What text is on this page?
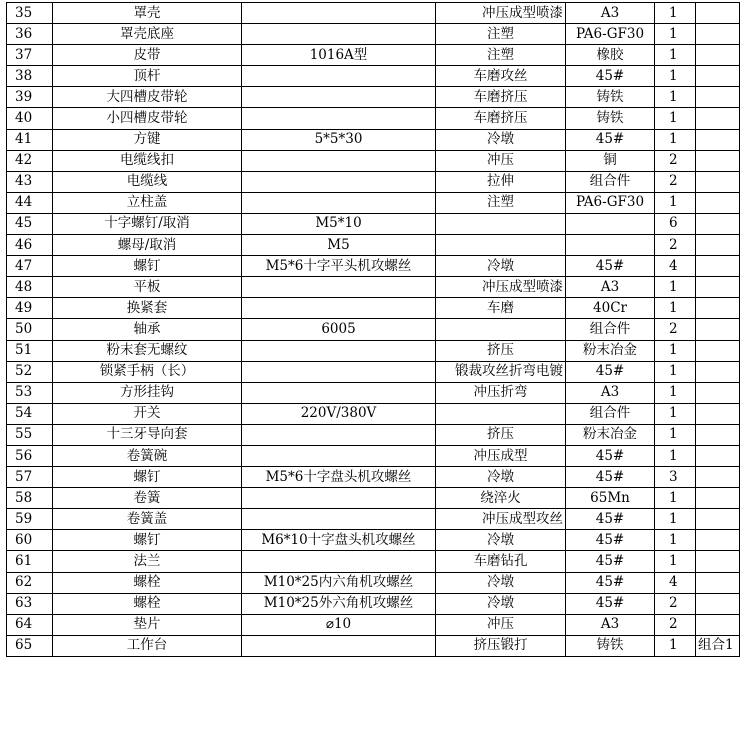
35	罩壳		冲压成型喷漆	A3	1	
36	罩壳底座		注塑	PA6-GF30	1	
37	皮带	1016A型	注塑	橡胶	1	
38	顶杆		车磨攻丝	45#	1	
39	大四槽皮带轮		车磨挤压	铸铁	1	
40	小四槽皮带轮		车磨挤压	铸铁	1	
41	方键	5*5*30	冷墩	45#	1	
42	电缆线扣		冲压	铜	2	
43	电缆线		拉伸	组合件	2	
44	立柱盖		注塑	PA6-GF30	1	
45	十字螺钉/取消	M5*10			6	
46	螺母/取消	M5			2	
47	螺钉	M5*6十字平头机攻螺丝	冷墩	45#	4	
48	平板		冲压成型喷漆	A3	1	
49	换紧套		车磨	40Cr	1	
50	轴承	6005		组合件	2	
51	粉末套无螺纹		挤压	粉末冶金	1	
52	锁紧手柄（长）		锻裁攻丝折弯电镀	45#	1	
53	方形挂钩		冲压折弯	A3	1	
54	开关	220V/380V		组合件	1	
55	十三牙导向套		挤压	粉末冶金	1	
56	卷簧碗		冲压成型	45#	1	
57	螺钉	M5*6十字盘头机攻螺丝	冷墩	45#	3	
58	卷簧		绕淬火	65Mn	1	
59	卷簧盖		冲压成型攻丝	45#	1	
60	螺钉	M6*10十字盘头机攻螺丝	冷墩	45#	1	
61	法兰		车磨钻孔	45#	1	
62	螺栓	M10*25内六角机攻螺丝	冷墩	45#	4	
63	螺栓	M10*25外六角机攻螺丝	冷墩	45#	2	
64	垫片	⌀10	冲压	A3	2	
65	工作台		挤压锻打	铸铁	1	组合1
